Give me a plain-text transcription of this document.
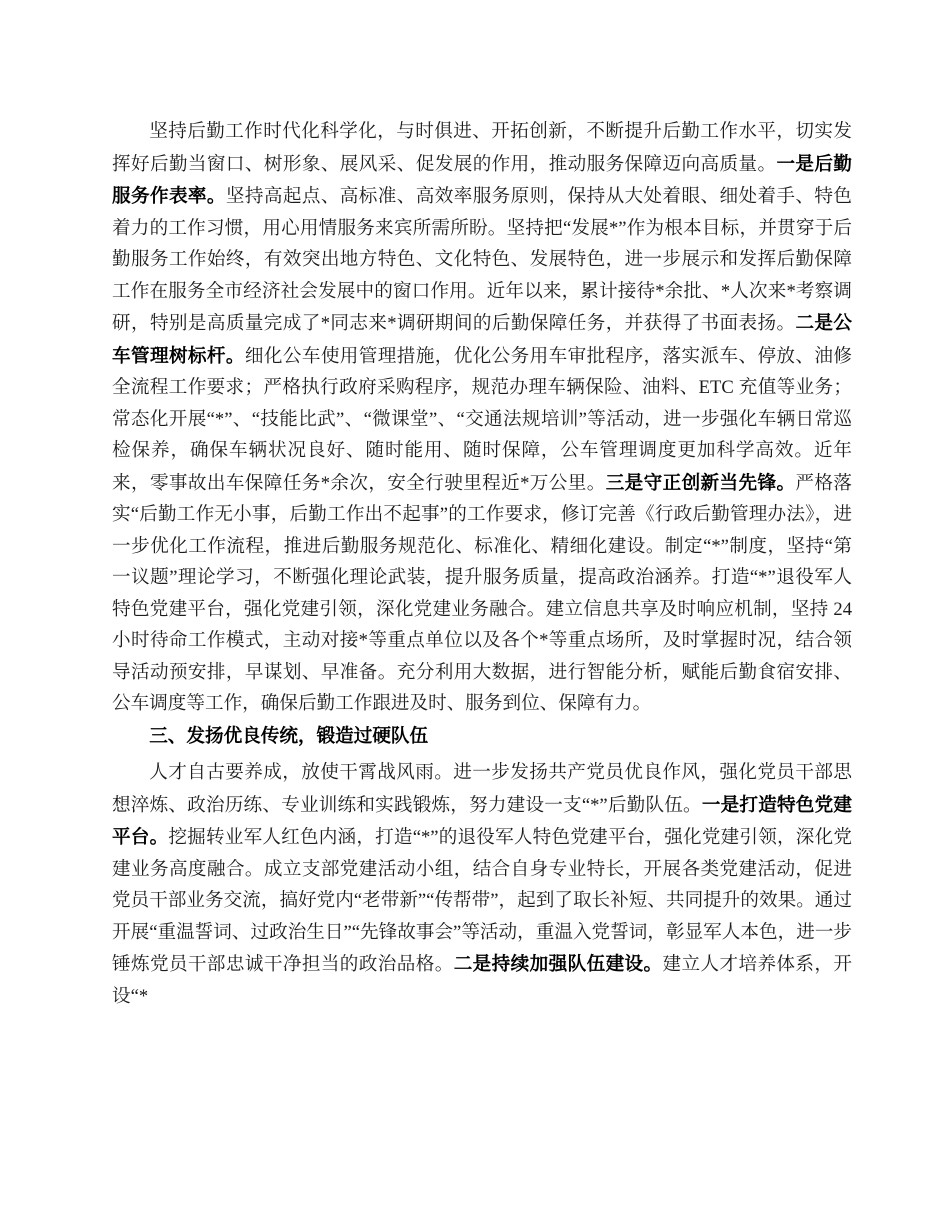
坚持后勤工作时代化科学化，与时俱进、开拓创新，不断提升后勤工作水平，切实发挥好后勤当窗口、树形象、展风采、促发展的作用，推动服务保障迈向高质量。一是后勤服务作表率。坚持高起点、高标准、高效率服务原则，保持从大处着眼、细处着手、特色着力的工作习惯，用心用情服务来宾所需所盼。坚持把“发展*”作为根本目标，并贯穿于后勤服务工作始终，有效突出地方特色、文化特色、发展特色，进一步展示和发挥后勤保障工作在服务全市经济社会发展中的窗口作用。近年以来，累计接待*余批、*人次来*考察调研，特别是高质量完成了*同志来*调研期间的后勤保障任务，并获得了书面表扬。二是公车管理树标杆。细化公车使用管理措施，优化公务用车审批程序，落实派车、停放、油修全流程工作要求；严格执行政府采购程序，规范办理车辆保险、油料、ETC 充值等业务；常态化开展“*”、“技能比武”、“微课堂”、“交通法规培训”等活动，进一步强化车辆日常巡检保养，确保车辆状况良好、随时能用、随时保障，公车管理调度更加科学高效。近年来，零事故出车保障任务*余次，安全行驶里程近*万公里。三是守正创新当先锋。严格落实“后勤工作无小事，后勤工作出不起事”的工作要求，修订完善《行政后勤管理办法》，进一步优化工作流程，推进后勤服务规范化、标准化、精细化建设。制定“*”制度，坚持“第一议题”理论学习，不断强化理论武装，提升服务质量，提高政治涵养。打造“*”退役军人特色党建平台，强化党建引领，深化党建业务融合。建立信息共享及时响应机制，坚持 24 小时待命工作模式，主动对接*等重点单位以及各个*等重点场所，及时掌握时况，结合领导活动预安排，早谋划、早准备。充分利用大数据，进行智能分析，赋能后勤食宿安排、公车调度等工作，确保后勤工作跟进及时、服务到位、保障有力。

三、发扬优良传统，锻造过硬队伍

人才自古要养成，放使干霄战风雨。进一步发扬共产党员优良作风，强化党员干部思想淬炼、政治历练、专业训练和实践锻炼，努力建设一支“*”后勤队伍。一是打造特色党建平台。挖掘转业军人红色内涵，打造“*”的退役军人特色党建平台，强化党建引领，深化党建业务高度融合。成立支部党建活动小组，结合自身专业特长，开展各类党建活动，促进党员干部业务交流，搞好党内“老带新”“传帮带”，起到了取长补短、共同提升的效果。通过开展“重温誓词、过政治生日”“先锋故事会”等活动，重温入党誓词，彰显军人本色，进一步锤炼党员干部忠诚干净担当的政治品格。二是持续加强队伍建设。建立人才培养体系，开设“*
